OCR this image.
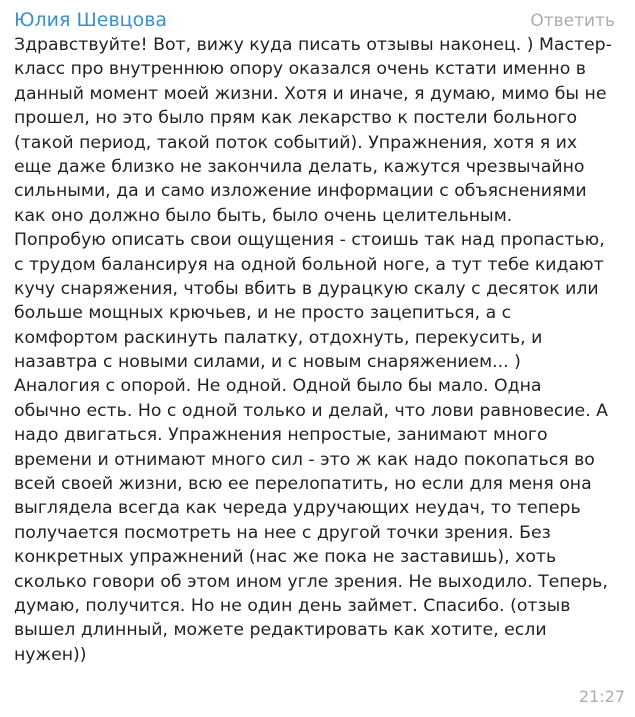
Юлия Шевцова	Ответить
Здравствуйте! Вот, вижу куда писать отзывы наконец. ) Мастер-
класс про внутреннюю опору оказался очень кстати именно в
данный момент моей жизни. Хотя и иначе, я думаю, мимо бы не
прошел, но это было прям как лекарство к постели больного
(такой период, такой поток событий). Упражнения, хотя я их
еще даже близко не закончила делать, кажутся чрезвычайно
сильными, да и само изложение информации с объяснениями
как оно должно было быть, было очень целительным.
Попробую описать свои ощущения - стоишь так над пропастью,
с трудом балансируя на одной больной ноге, а тут тебе кидают
кучу снаряжения, чтобы вбить в дурацкую скалу с десяток или
больше мощных крючьев, и не просто зацепиться, а с
комфортом раскинуть палатку, отдохнуть, перекусить, и
назавтра с новыми силами, и с новым снаряжением... )
Аналогия с опорой. Не одной. Одной было бы мало. Одна
обычно есть. Но с одной только и делай, что лови равновесие. А
надо двигаться. Упражнения непростые, занимают много
времени и отнимают много сил - это ж как надо покопаться во
всей своей жизни, всю ее перелопатить, но если для меня она
выглядела всегда как череда удручающих неудач, то теперь
получается посмотреть на нее с другой точки зрения. Без
конкретных упражнений (нас же пока не заставишь), хоть
сколько говори об этом ином угле зрения. Не выходило. Теперь,
думаю, получится. Но не один день займет. Спасибо. (отзыв
вышел длинный, можете редактировать как хотите, если
нужен))
21:27
